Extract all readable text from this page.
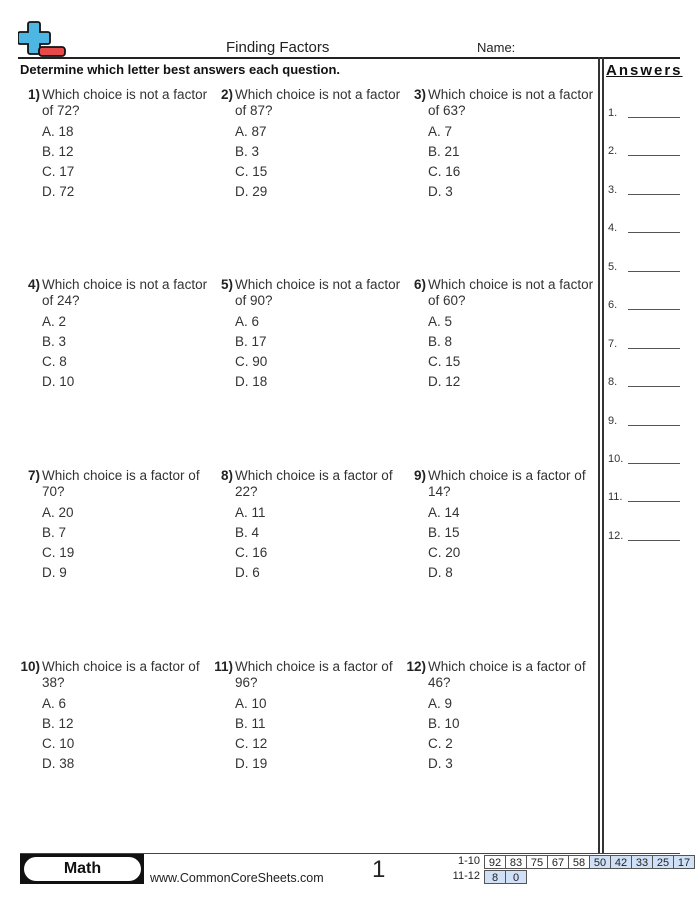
Finding Factors	Name:
Determine which letter best answers each question.	Answers
1.
2.
3.
4.
5.
6.
7.
8.
9.
10.
11.
12.
1) Which choice is not a factor of 72?
A. 18
B. 12
C. 17
D. 72
2) Which choice is not a factor of 87?
A. 87
B. 3
C. 15
D. 29
3) Which choice is not a factor of 63?
A. 7
B. 21
C. 16
D. 3
4) Which choice is not a factor of 24?
A. 2
B. 3
C. 8
D. 10
5) Which choice is not a factor of 90?
A. 6
B. 17
C. 90
D. 18
6) Which choice is not a factor of 60?
A. 5
B. 8
C. 15
D. 12
7) Which choice is a factor of 70?
A. 20
B. 7
C. 19
D. 9
8) Which choice is a factor of 22?
A. 11
B. 4
C. 16
D. 6
9) Which choice is a factor of 14?
A. 14
B. 15
C. 20
D. 8
10) Which choice is a factor of 38?
A. 6
B. 12
C. 10
D. 38
11) Which choice is a factor of 96?
A. 10
B. 11
C. 12
D. 19
12) Which choice is a factor of 46?
A. 9
B. 10
C. 2
D. 3
Math
www.CommonCoreSheets.com 1	1-10 92 83 75 67 58 50 42 33 25 17
11-12	8	0
